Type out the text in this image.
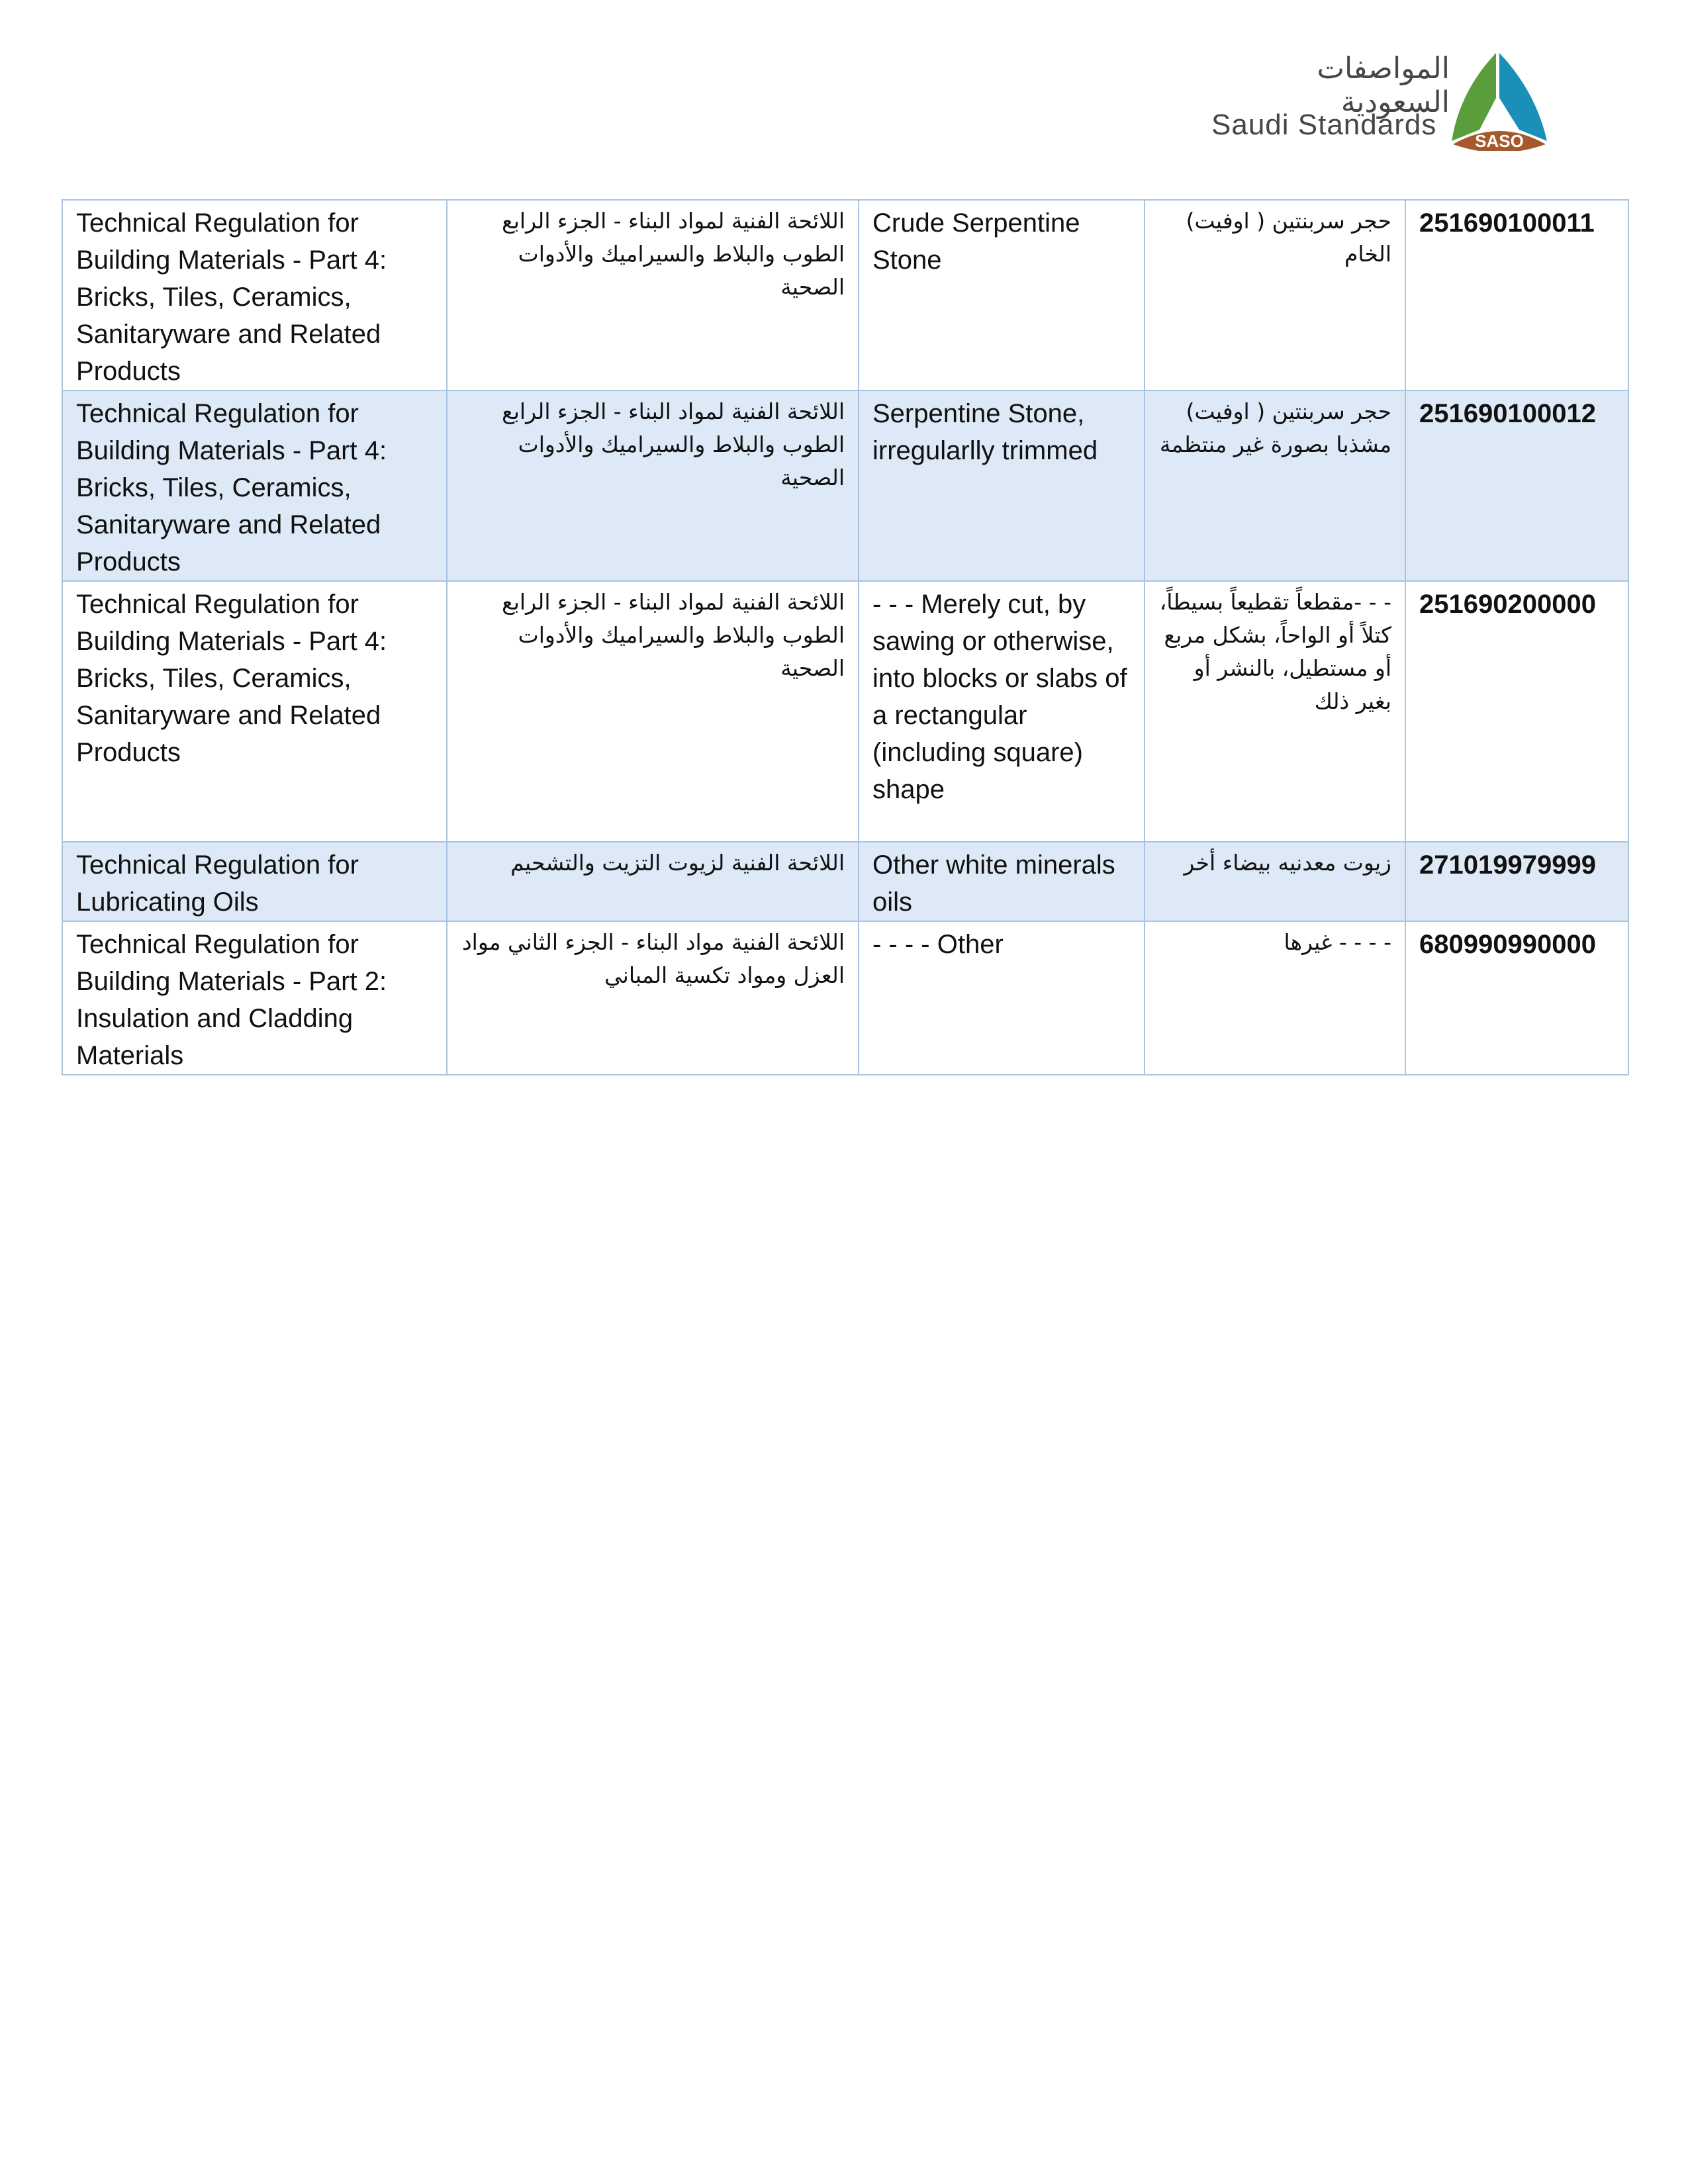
المواصفات السعودية
Saudi Standards SASO
Technical Regulation for Building Materials - Part 4: Bricks, Tiles, Ceramics, Sanitaryware and Related Products	اللائحة الفنية لمواد البناء - الجزء الرابع الطوب والبلاط والسيراميك والأدوات الصحية	Crude Serpentine Stone	حجر سربنتين ( اوفيت) الخام	251690100011
Technical Regulation for Building Materials - Part 4: Bricks, Tiles, Ceramics, Sanitaryware and Related Products	اللائحة الفنية لمواد البناء - الجزء الرابع الطوب والبلاط والسيراميك والأدوات الصحية	Serpentine Stone, irregularlly trimmed	حجر سربنتين ( اوفيت) مشذبا بصورة غير منتظمة	251690100012
Technical Regulation for Building Materials - Part 4: Bricks, Tiles, Ceramics, Sanitaryware and Related Products	اللائحة الفنية لمواد البناء - الجزء الرابع الطوب والبلاط والسيراميك والأدوات الصحية	- - - Merely cut, by sawing or otherwise, into blocks or slabs of a rectangular (including square) shape	- - -مقطعاً تقطيعاً بسيطاً، كتلاً أو الواحاً، بشكل مربع أو مستطيل، بالنشر أو بغير ذلك	251690200000
Technical Regulation for Lubricating Oils	اللائحة الفنية لزيوت التزيت والتشحيم	Other white minerals oils	زيوت معدنيه بيضاء أخر	271019979999
Technical Regulation for Building Materials - Part 2: Insulation and Cladding Materials	اللائحة الفنية مواد البناء - الجزء الثاني مواد العزل ومواد تكسية المباني	- - - - Other	- - - - غيرها	680990990000
